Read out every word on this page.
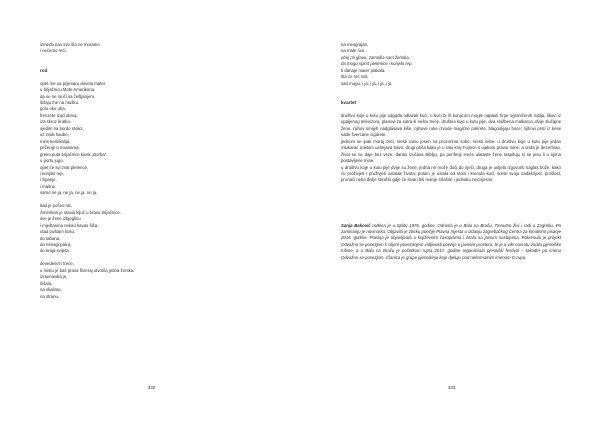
između nas sve što ne moramo
i nećemo reći.
rod
opet me na prijevaru dovela mater
u brijačnicu Mote Amerikona.
da se ne muči sa češljanjem,
šišaju me na mušku.
golo oko uha,
frenzete izad obrva,
iza skroz kratko.
sjedim na bordo stolici,
uz zvuk haube,
miris kemikalija,
pečenje u novinama.
preko puta brijačnice kiosk „Borba".
u portu jugo.
opet će svi zvat pleterice,
i konjski rep,
i Španje,
i mašne.
samo ne ja, ne ja, ne ja, ne ja.
kad je počeo rat,
Amerikon je stavio ključ u bravu brijačnice.
sve je žene izbjeglicu
i mještanina nekao kavas šiša.
otad puštam kosu,
do tabana,
do nónagi pálca,
do kraja svijeta.
devedeset i treće,
u mistu je baš prava frizeraj otvorila jedna žerska.
izravnavala je,
šišala,
na skalime,
na stranu,
332
na mesgrajan,
na male rice.
obrij mi glavu, zamolila sam ženska.
da mogu spirst pletenice i konjski rep.
ti danaje mater plakala.
šta će reć svit.
sad mogu, i ja, i ja, i ja, i ja
kvartet
društvo koje u kutu pije odgađa odlazak kući. u kući bi ih konjicom mogle napasti hrpe ograničenih rublja, likovi iz upaljenog televizora, planovi za sutra ili nešto treće. društvo koje u kutu pije, dva službena mulkarca, dvije slučajne žene. njihov smijeh nadglasava kiše, njihove ruke izvode magične pokrete, blagoslijaju boce; njihovi prsti iz kese vade švercane cigarete.
jednom se ipak moraj otići, sresti raniu jesen na prozorima sobe, sresti sebe. u društvu koje u kutu pije jedan mlukarac noktom usitnjava travu, drugi priča kako je u ratu kraj Fojnice s ujakom pravio mine, a onda je dezertirao. život se ne daje bez veze. danas izučava Bibliju, po perifenji sreće ulataste žene raspituju si se jesu li u njima postavljene mine.
u društvu koje u kutu pije dvije su žene, jedna ne može doći do riječi, druga je ustjela izgovoriti naglas bože, kako ću proživjeti i proživjeti ostatak života; potom je ustala od stola i krenula kući, sresti svoju sadašnjost, prošlost, pronaći neko divlje stiništo gdje će stvari biti manje strašne i jednako neizvjesne.
Sanja Baković rođena je u Splitu 1976. godine. Odrasla je u Bolu na Braču. Trenutno živi i radi u Zagrebu. Po zanimanju je novinarka. Objavila je zbirku poezije Plavna mjesta u izdanju zagrebačkog Centra za kreativno pisanje 2016. godine. Poezija je objavljivala u književnim časopisima i čitala na javnim nastupima. Pokrenula je projekt Odvažno se posezjom s ciljem povezanjem vidljivosti poezije u javnom prostoru, te je u vile navratu vodila pjesničke tribine, a u Bolu na Braču je početkom rujna 2017. godine organizirala pjesnički festival – također po imenu Odvažno se posezjom. Članica je grupe pjesnikinja koje djeluju pod neformalnim imenom G-rupa.
333
